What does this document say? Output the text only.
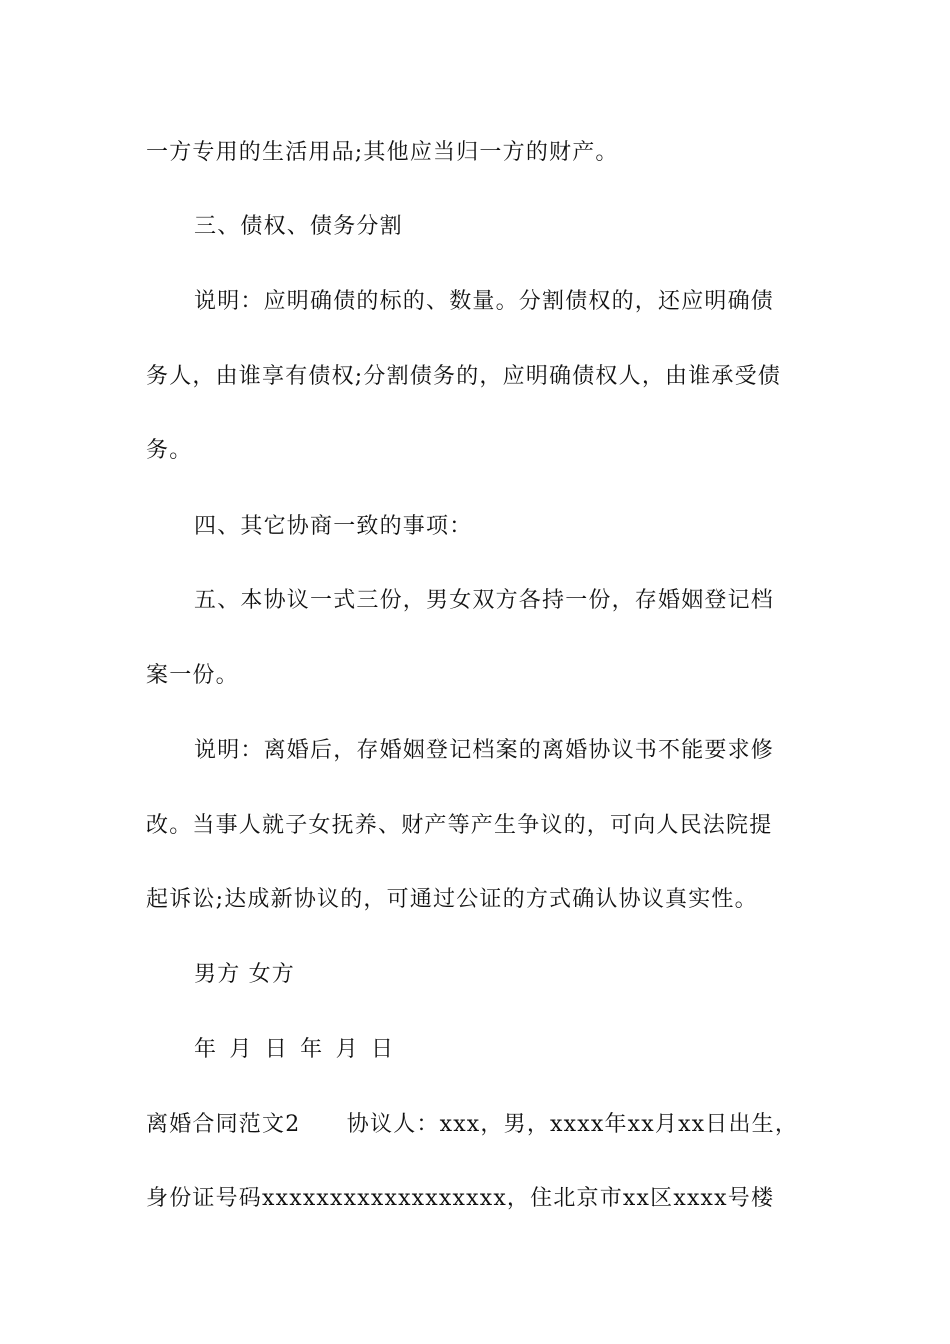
一方专用的生活用品;其他应当归一方的财产。
三、债权、债务分割
说明：应明确债的标的、数量。分割债权的，还应明确债
务人，由谁享有债权;分割债务的，应明确债权人，由谁承受债
务。
四、其它协商一致的事项：
五、本协议一式三份，男女双方各持一份，存婚姻登记档
案一份。
说明：离婚后，存婚姻登记档案的离婚协议书不能要求修
改。当事人就子女抚养、财产等产生争议的，可向人民法院提
起诉讼;达成新协议的，可通过公证的方式确认协议真实性。
男方 女方
年 月 日 年 月 日
离婚合同范文2　　协议人：xxx，男，xxxx年xx月xx日出生，
身份证号码xxxxxxxxxxxxxxxxxx，住北京市xx区xxxx号楼
